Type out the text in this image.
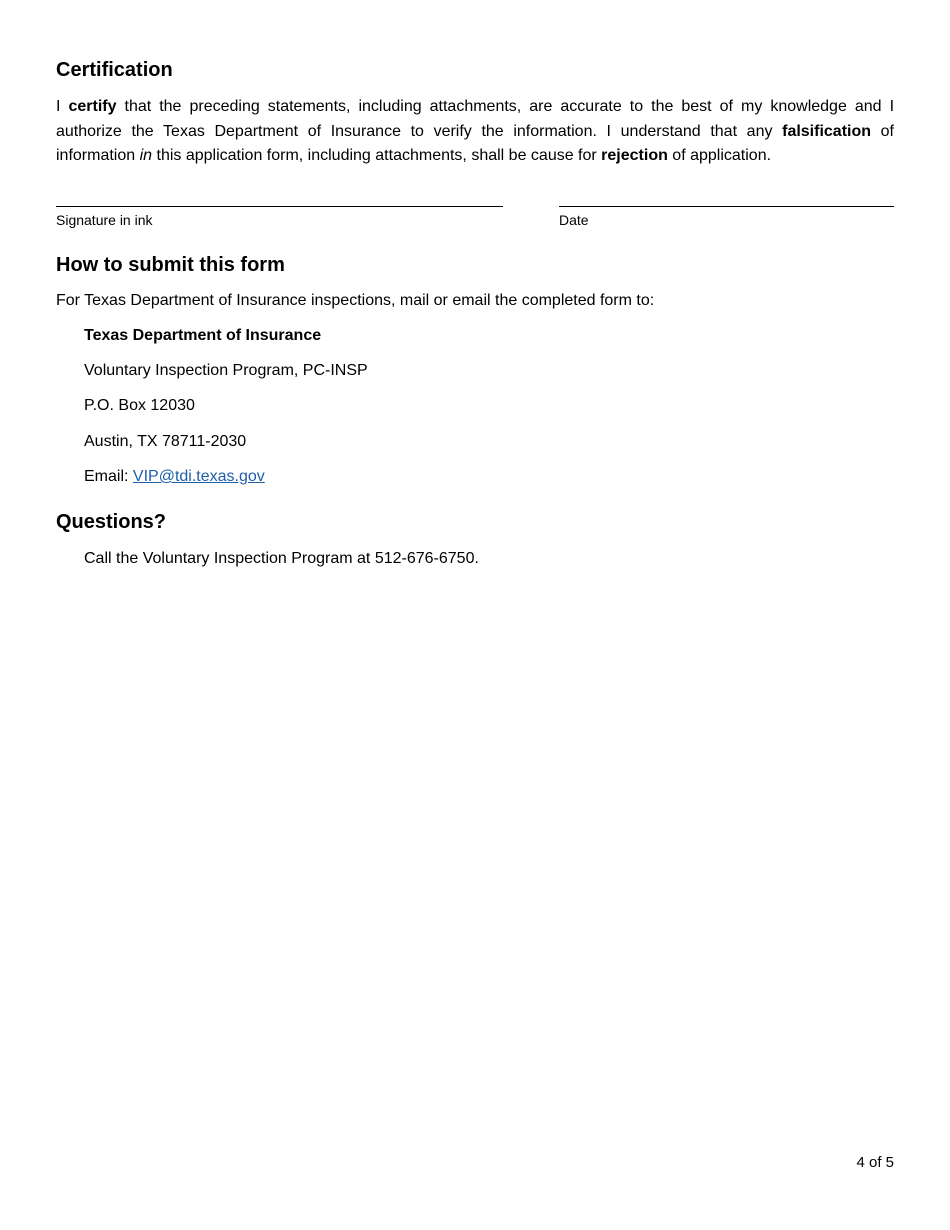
Certification

I certify that the preceding statements, including attachments, are accurate to the best of my knowledge and I authorize the Texas Department of Insurance to verify the information. I understand that any falsification of information in this application form, including attachments, shall be cause for rejection of application.

Signature in ink	Date
How to submit this form

For Texas Department of Insurance inspections, mail or email the completed form to:

Texas Department of Insurance

Voluntary Inspection Program, PC-INSP

P.O. Box 12030

Austin, TX 78711-2030

Email: VIP@tdi.texas.gov

Questions?

Call the Voluntary Inspection Program at 512-676-6750.

4 of 5
